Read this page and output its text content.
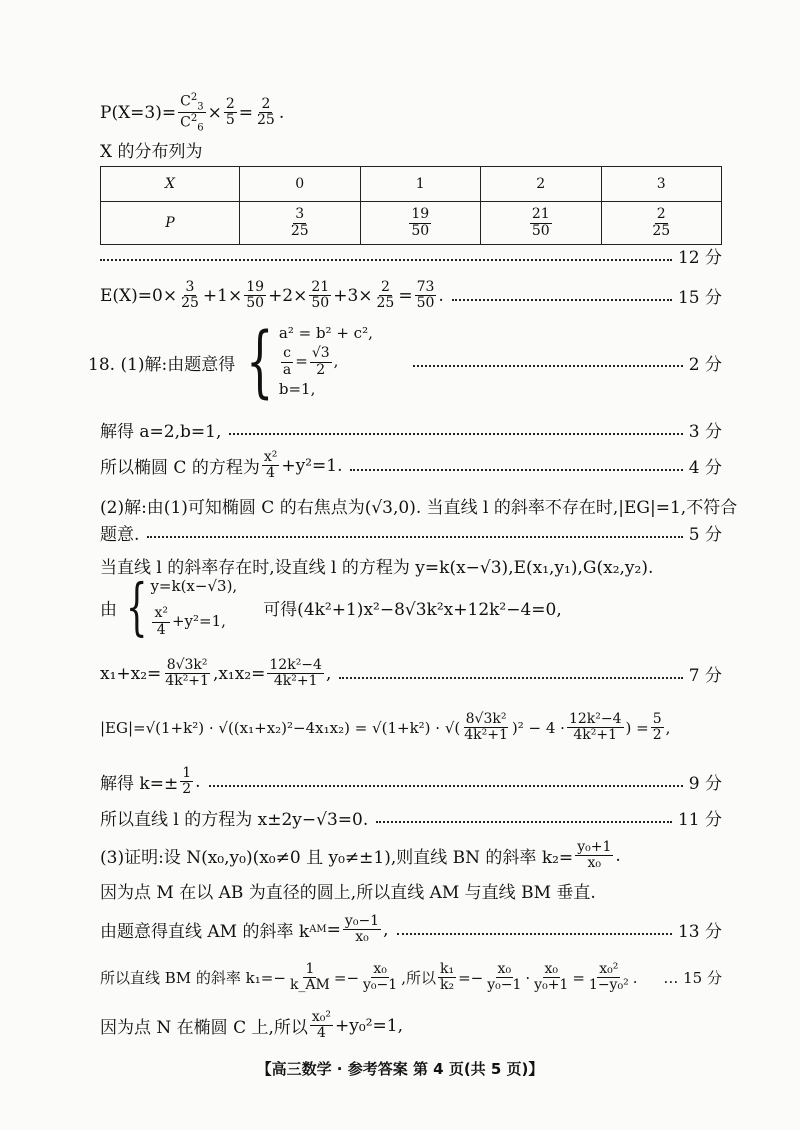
$P(X=3)= \frac{C^2_3}{C^2_6} \times \frac{2}{5} = \frac{2}{25}$ .
X 的分布列为
X	0	1	2	3
P	$\frac{3}{25}$	$\frac{19}{50}$	$\frac{21}{50}$	$\frac{2}{25}$
12 分
$E(X)=0\times \frac{3}{25} +1\times \frac{19}{50} +2\times \frac{21}{50} +3\times \frac{2}{25} = \frac{73}{50}$ .	15 分
18. (1)解:由题意得 { a² = b² + c²,
$\frac{c}{a} = \frac{√3}{2}$ ,
b=1,
2 分
解得 a=2,b=1,	3 分
所以椭圆 C 的方程为 $\frac{\text{x²}}{4} +y^2=1$.	4 分
(2)解:由(1)可知椭圆 C 的右焦点为(√3,0). 当直线 l 的斜率不存在时,|EG|=1,不符合
题意.	5 分
当直线 l 的斜率存在时,设直线 l 的方程为 y=k(x−√3),E(x₁,y₁),G(x₂,y₂).
由 { y=k(x−√3),
$\frac{\text{x²}}{4} +y^2=1$,
可得(4k²+1)x²−8√3k²x+12k²−4=0,
$x_1+x_2= \frac{\text{8√3k²}}{\text{4k²+1}} ,x_1x_2= \frac{\text{12k²−4}}{\text{4k²+1}}$ ,	7 分
|EG|=√(1+k²) · √((x₁+x₂)²−4x₁x₂) = √(1+k²) · √( $\frac{\text{8√3k²}}{\text{4k²+1}} )^2 - 4 \cdot \frac{\text{12k²−4}}{\text{4k²+1}}$ ) = $\frac{5}{2}$ ,
解得 $k=\pm \frac{1}{2}$ .	9 分
所以直线 l 的方程为 x±2y−√3=0.	11 分
(3)证明:设 N(x₀,y₀)(x₀≠0 且 y₀≠±1),则直线 BN 的斜率 $k_2= \frac{\text{y₀+1}}{\text{x₀}}$ .
因为点 M 在以 AB 为直径的圆上,所以直线 AM 与直线 BM 垂直.
由题意得直线 AM 的斜率 k AM = $\frac{\text{y₀−1}}{\text{x₀}}$ ,	13 分
所以直线 BM 的斜率 $k_1=- \frac{1}{k\_AM} =- \frac{\text{x₀}}{\text{y₀−1}}$ ,所以 $\frac{\text{k₁}}{\text{k₂}} =- \frac{\text{x₀}}{\text{y₀−1}} \cdot \frac{\text{x₀}}{\text{y₀+1}} = \frac{\text{x₀²}}{\text{1−y₀²}}$ . … 15 分
因为点 N 在椭圆 C 上,所以 $\frac{\text{x₀²}}{4} +y_0^2=1$,
【高三数学 · 参考答案 第 4 页(共 5 页)】
